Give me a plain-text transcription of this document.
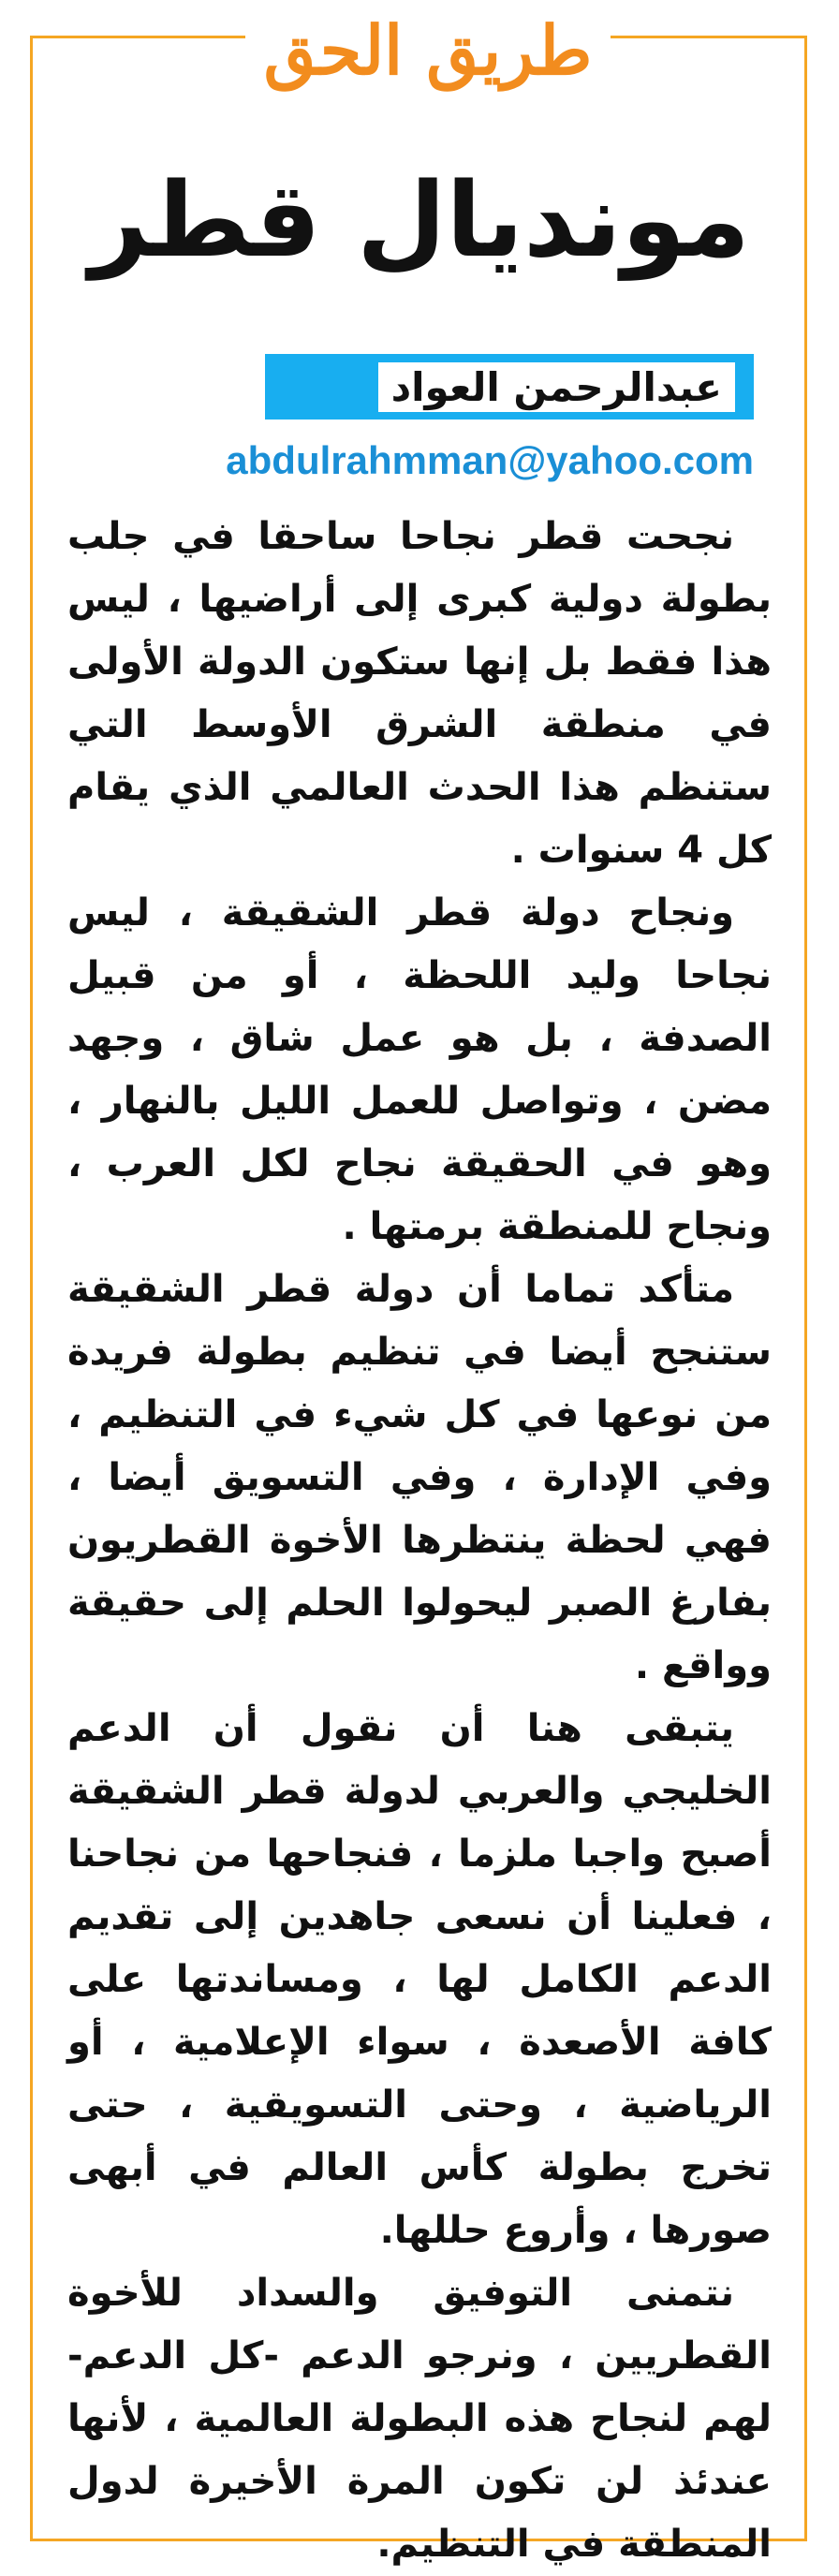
طريق الحق
مونديال قطر
عبدالرحمن العواد
abdulrahmman@yahoo.com

نجحت قطر نجاحا ساحقا في جلب بطولة دولية كبرى إلى أراضيها ، ليس هذا فقط بل إنها ستكون الدولة الأولى في منطقة الشرق الأوسط التي ستنظم هذا الحدث العالمي الذي يقام كل 4 سنوات .

ونجاح دولة قطر الشقيقة ، ليس نجاحا وليد اللحظة ، أو من قبيل الصدفة ، بل هو عمل شاق ، وجهد مضن ، وتواصل للعمل الليل بالنهار ، وهو في الحقيقة نجاح لكل العرب ، ونجاح للمنطقة برمتها .

متأكد تماما أن دولة قطر الشقيقة ستنجح أيضا في تنظيم بطولة فريدة من نوعها في كل شيء في التنظيم ، وفي الإدارة ، وفي التسويق أيضا ، فهي لحظة ينتظرها الأخوة القطريون بفارغ الصبر ليحولوا الحلم إلى حقيقة وواقع .

يتبقى هنا أن نقول أن الدعم الخليجي والعربي لدولة قطر الشقيقة أصبح واجبا ملزما ، فنجاحها من نجاحنا ، فعلينا أن نسعى جاهدين إلى تقديم الدعم الكامل لها ، ومساندتها على كافة الأصعدة ، سواء الإعلامية ، أو الرياضية ، وحتى التسويقية ، حتى تخرج بطولة كأس العالم في أبهى صورها ، وأروع حللها.

نتمنى التوفيق والسداد للأخوة القطريين ، ونرجو الدعم -كل الدعم- لهم لنجاح هذه البطولة العالمية ، لأنها عندئذ لن تكون المرة الأخيرة لدول المنطقة في التنظيم.
